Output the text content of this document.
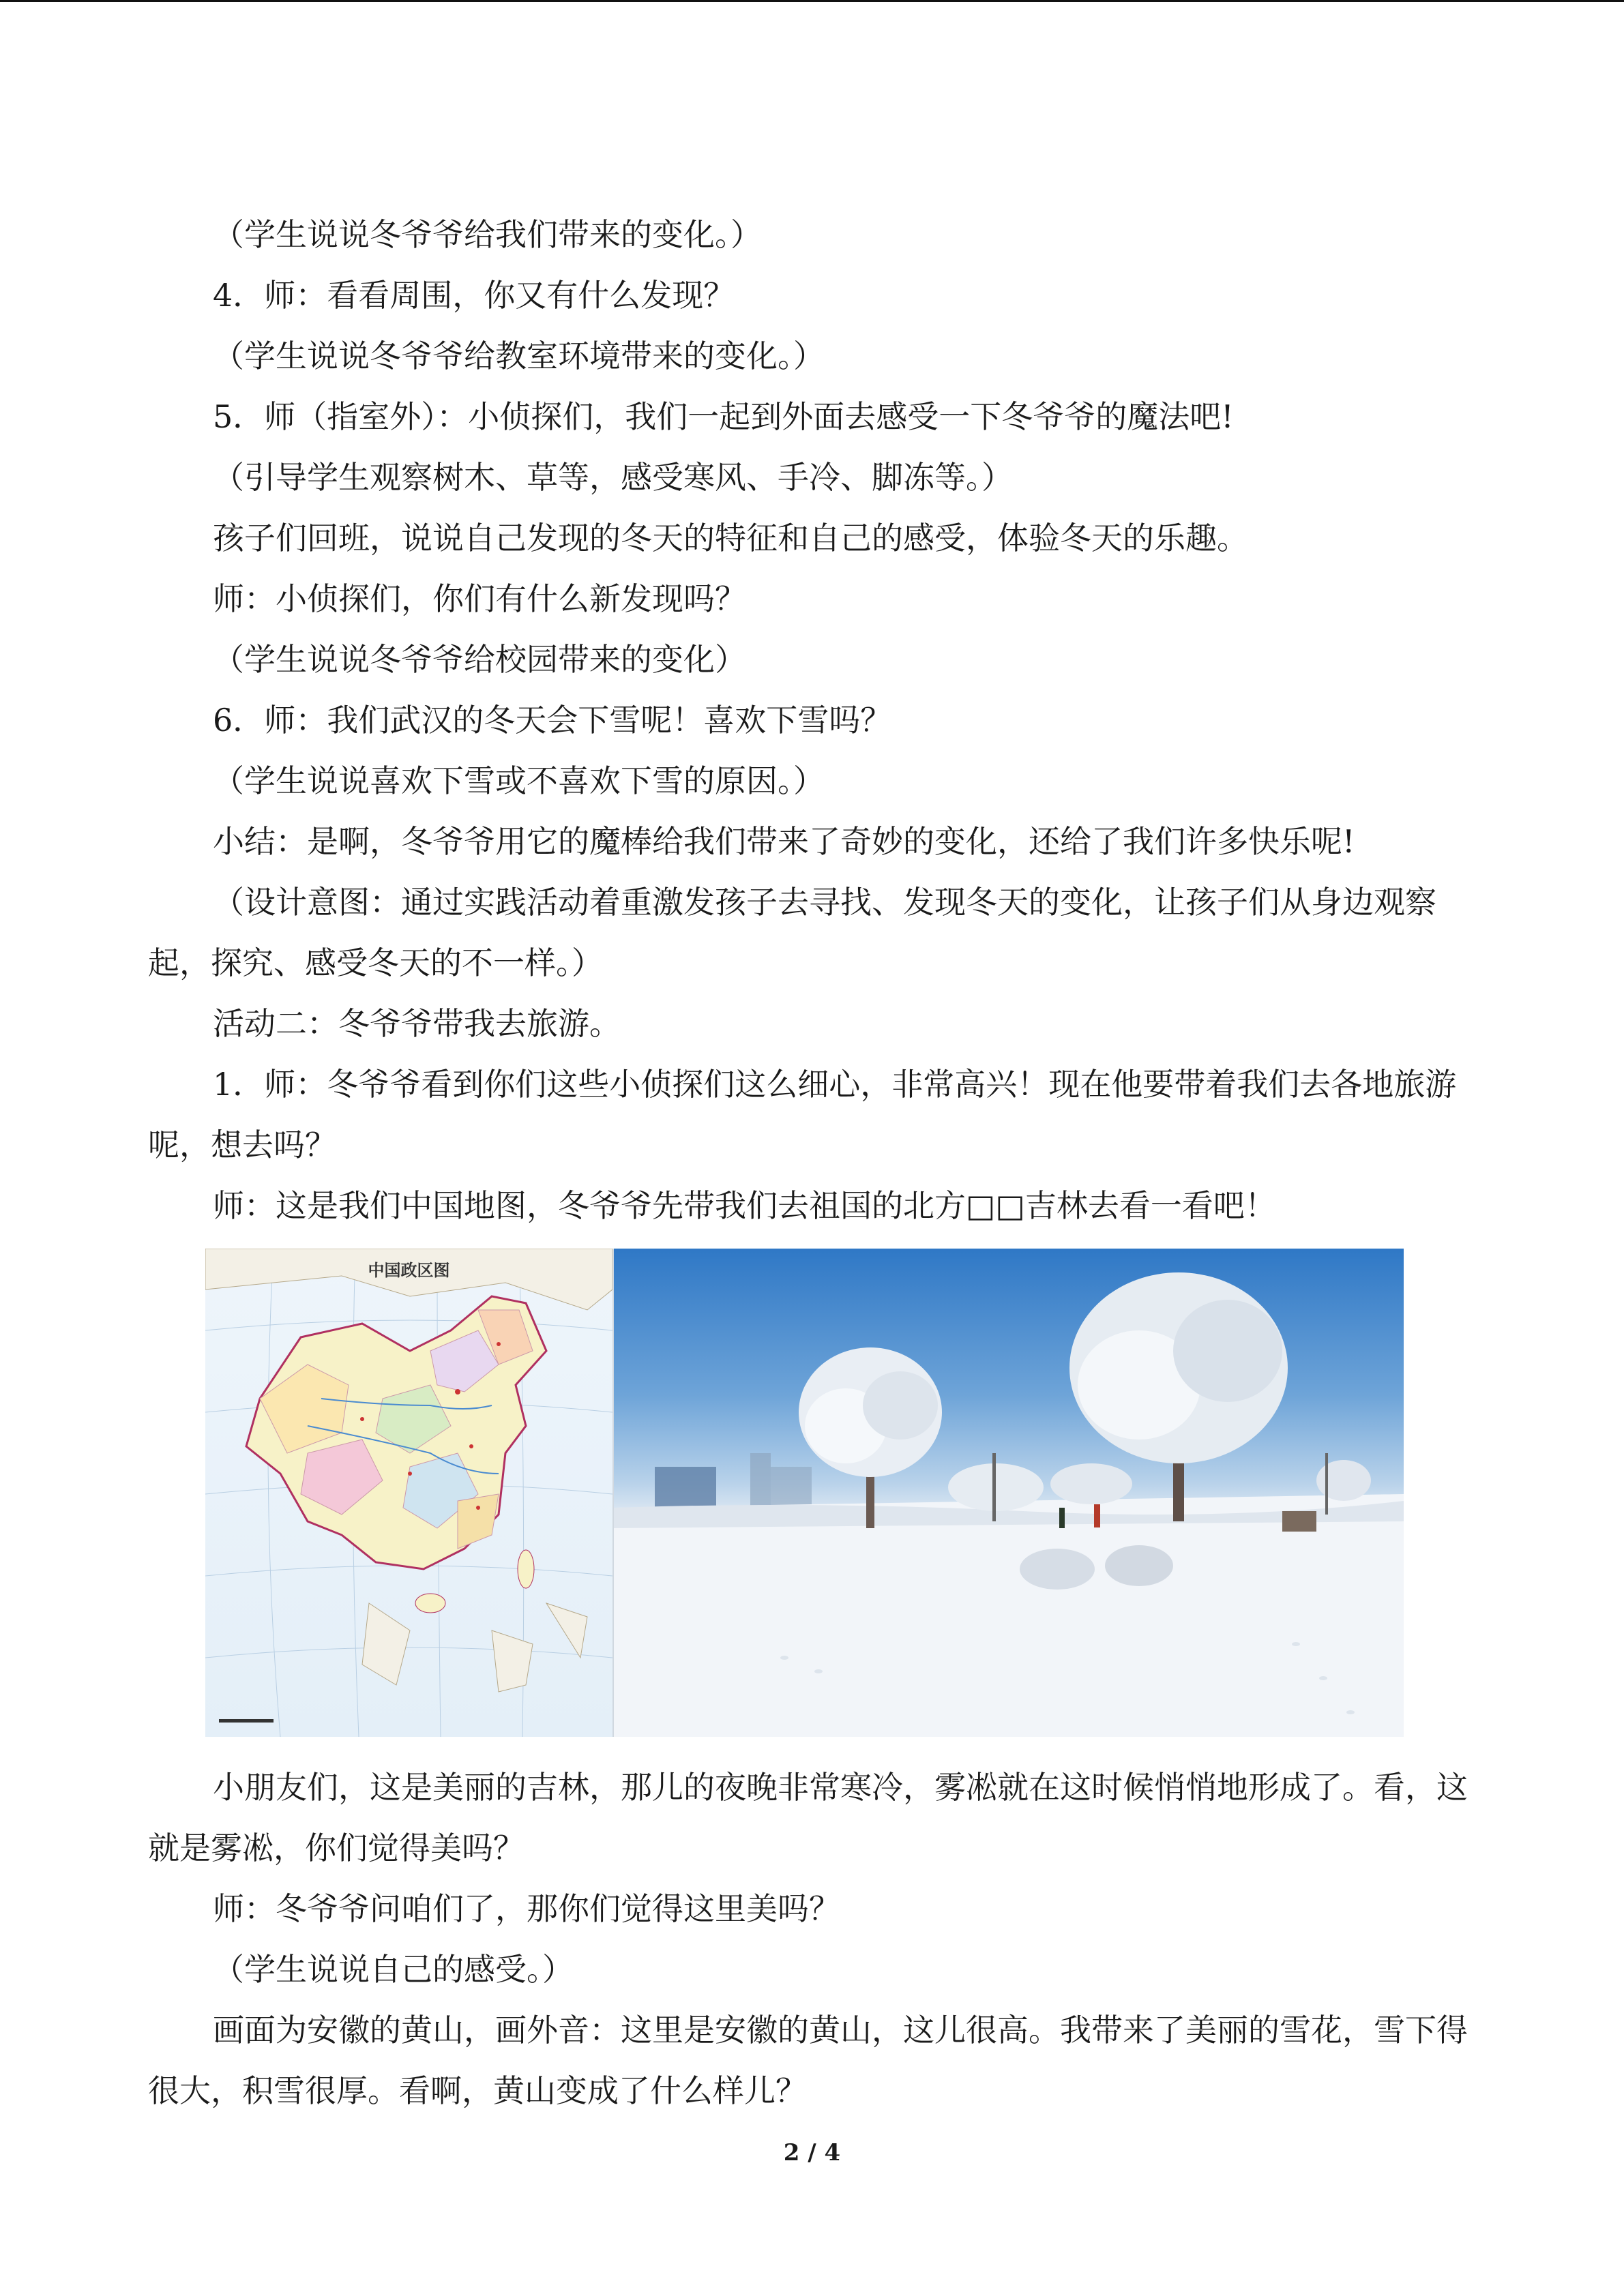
（学生说说冬爷爷给我们带来的变化。）

4．师：看看周围，你又有什么发现？

（学生说说冬爷爷给教室环境带来的变化。）

5．师（指室外）：小侦探们，我们一起到外面去感受一下冬爷爷的魔法吧!

（引导学生观察树木、草等，感受寒风、手冷、脚冻等。）

孩子们回班，说说自己发现的冬天的特征和自己的感受，体验冬天的乐趣。

师：小侦探们，你们有什么新发现吗？

（学生说说冬爷爷给校园带来的变化）

6．师：我们武汉的冬天会下雪呢！喜欢下雪吗？

（学生说说喜欢下雪或不喜欢下雪的原因。）

小结：是啊，冬爷爷用它的魔棒给我们带来了奇妙的变化，还给了我们许多快乐呢!

（设计意图：通过实践活动着重激发孩子去寻找、发现冬天的变化，让孩子们从身边观察起，探究、感受冬天的不一样。）

活动二：冬爷爷带我去旅游。

1．师：冬爷爷看到你们这些小侦探们这么细心，非常高兴！现在他要带着我们去各地旅游呢，想去吗？

师：这是我们中国地图，冬爷爷先带我们去祖国的北方□□吉林去看一看吧！

中国政区图

小朋友们，这是美丽的吉林，那儿的夜晚非常寒冷，雾凇就在这时候悄悄地形成了。看，这就是雾凇，你们觉得美吗？

师：冬爷爷问咱们了，那你们觉得这里美吗？

（学生说说自己的感受。）

画面为安徽的黄山，画外音：这里是安徽的黄山，这儿很高。我带来了美丽的雪花，雪下得很大，积雪很厚。看啊，黄山变成了什么样儿？

2 / 4
